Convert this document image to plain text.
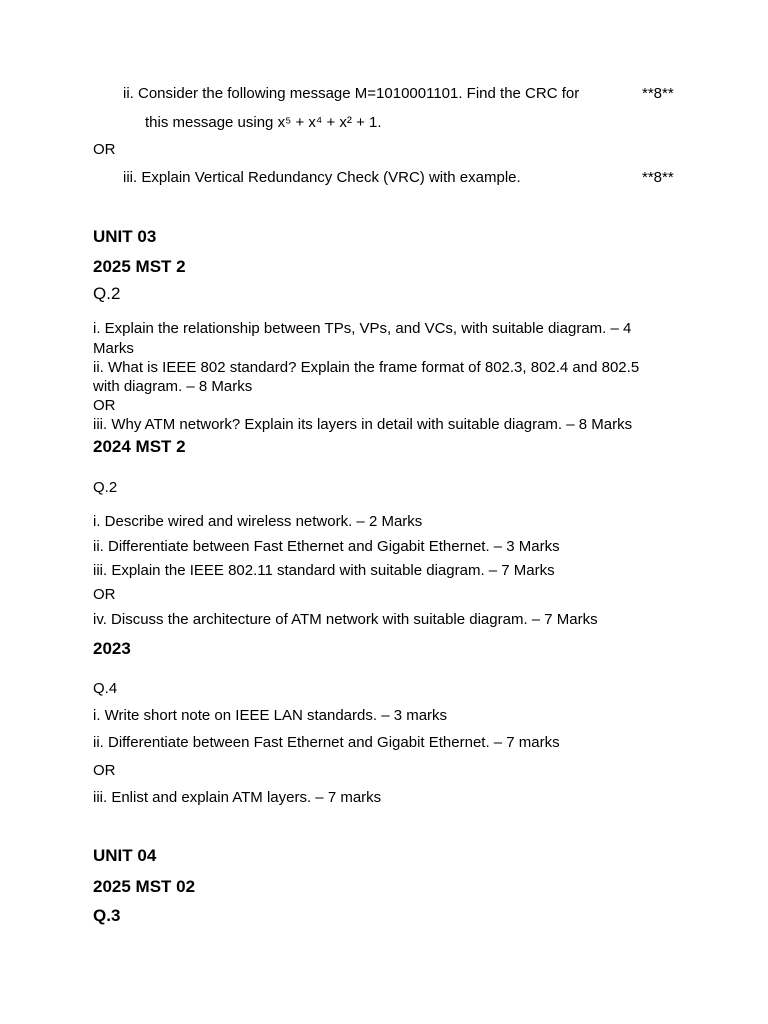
ii. Consider the following message M=1010001101. Find the CRC for	**8**
this message using x⁵ + x⁴ + x² + 1.
OR
iii. Explain Vertical Redundancy Check (VRC) with example.	**8**
UNIT 03
2025 MST 2
Q.2
i. Explain the relationship between TPs, VPs, and VCs, with suitable diagram. – 4
Marks
ii. What is IEEE 802 standard? Explain the frame format of 802.3, 802.4 and 802.5
with diagram. – 8 Marks
OR
iii. Why ATM network? Explain its layers in detail with suitable diagram. – 8 Marks
2024 MST 2
Q.2
i. Describe wired and wireless network. – 2 Marks
ii. Differentiate between Fast Ethernet and Gigabit Ethernet. – 3 Marks
iii. Explain the IEEE 802.11 standard with suitable diagram. – 7 Marks
OR
iv. Discuss the architecture of ATM network with suitable diagram. – 7 Marks
2023
Q.4
i. Write short note on IEEE LAN standards. – 3 marks
ii. Differentiate between Fast Ethernet and Gigabit Ethernet. – 7 marks
OR
iii. Enlist and explain ATM layers. – 7 marks
UNIT 04
2025 MST 02
Q.3
